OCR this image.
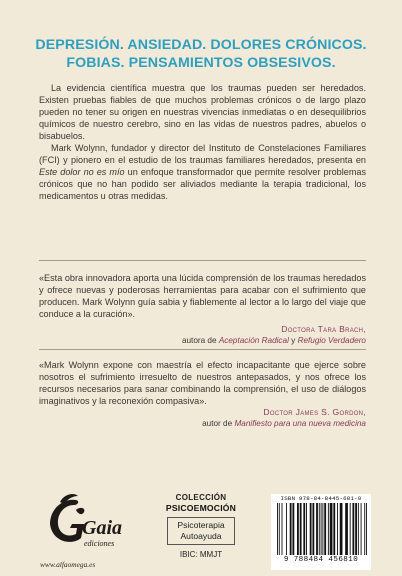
DEPRESIÓN. ANSIEDAD. DOLORES CRÓNICOS.
FOBIAS. PENSAMIENTOS OBSESIVOS.

La evidencia científica muestra que los traumas pueden ser heredados. Existen pruebas fiables de que muchos problemas crónicos o de largo plazo pueden no tener su origen en nuestras vivencias inmediatas o en desequilibrios químicos de nuestro cerebro, sino en las vidas de nuestros padres, abuelos o bisabuelos.

Mark Wolynn, fundador y director del Instituto de Constelaciones Familiares (FCI) y pionero en el estudio de los traumas familiares heredados, presenta en Este dolor no es mío un enfoque transformador que permite resolver problemas crónicos que no han podido ser aliviados mediante la terapia tradicional, los medicamentos u otras medidas.

«Esta obra innovadora aporta una lúcida comprensión de los traumas heredados y ofrece nuevas y poderosas herramientas para acabar con el sufrimiento que producen. Mark Wolynn guía sabia y fiablemente al lector a lo largo del viaje que conduce a la curación».
Doctora Tara Brach,
autora de Aceptación Radical y Refugio Verdadero
«Mark Wolynn expone con maestría el efecto incapacitante que ejerce sobre nosotros el sufrimiento irresuelto de nuestros antepasados, y nos ofrece los recursos necesarios para sanar combinando la comprensión, el uso de diálogos imaginativos y la reconexión compasiva».
Doctor James S. Gordon,
autor de Manifiesto para una nueva medicina
Gaia
ediciones
www.alfaomega.es
COLECCIÓN
PSICOEMOCIÓN
Psicoterapia
Autoayuda
IBIC: MMJT
ISBN 978-84-8445-681-0
9 788484 456810
